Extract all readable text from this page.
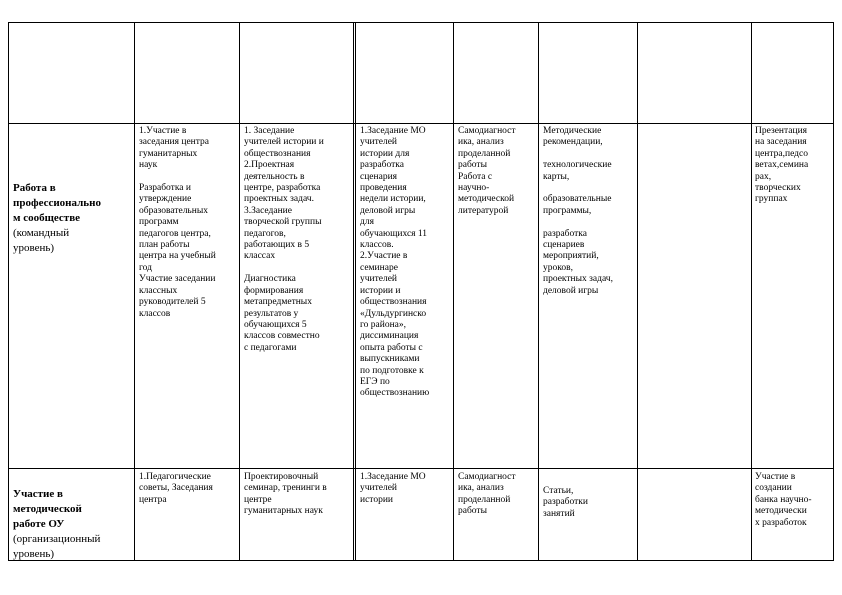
Работа в
профессионально
м сообществе

(командный
уровень)

1.Участие в
заседания центра
гуманитарных
наук

Разработка и
утверждение
образовательных
программ
педагогов центра,
план работы
центра на учебный
год
Участие заседании
классных
руководителей 5
классов
1. Заседание
учителей истории и
обществознания
2.Проектная
деятельность в
центре, разработка
проектных задач.
3.Заседание
творческой группы
педагогов,
работающих в 5
классах

Диагностика
формирования
метапредметных
результатов у
обучающихся 5
классов совместно
с педагогами
1.Заседание МО
учителей
истории для
разработка
сценария
проведения
недели истории,
деловой игры
для
обучающихся 11
классов.
2.Участие в
семинаре
учителей
истории и
обществознания
«Дульдургинско
го района»,
диссиминация
опыта работы с
выпускниками
по подготовке к
ЕГЭ по
обществознанию
Самодиагност
ика, анализ
проделанной
работы
Работа с
научно-
методической
литературой
Методические
рекомендации,

технологические
карты,

образовательные
программы,

разработка
сценариев
мероприятий,
уроков,
проектных задач,
деловой игры
Презентация
на заседания
центра,педсо
ветах,семина
рах,
творческих
группах

Участие в
методической
работе ОУ

(организационный
уровень)

1.Педагогические
советы, Заседания
центра
Проектировочный
семинар, тренинги в
центре
гуманитарных наук
1.Заседание МО
учителей
истории
Самодиагност
ика, анализ
проделанной
работы
Статьи,
разработки
занятий
Участие в
создании
банка научно-
методически
х разработок
